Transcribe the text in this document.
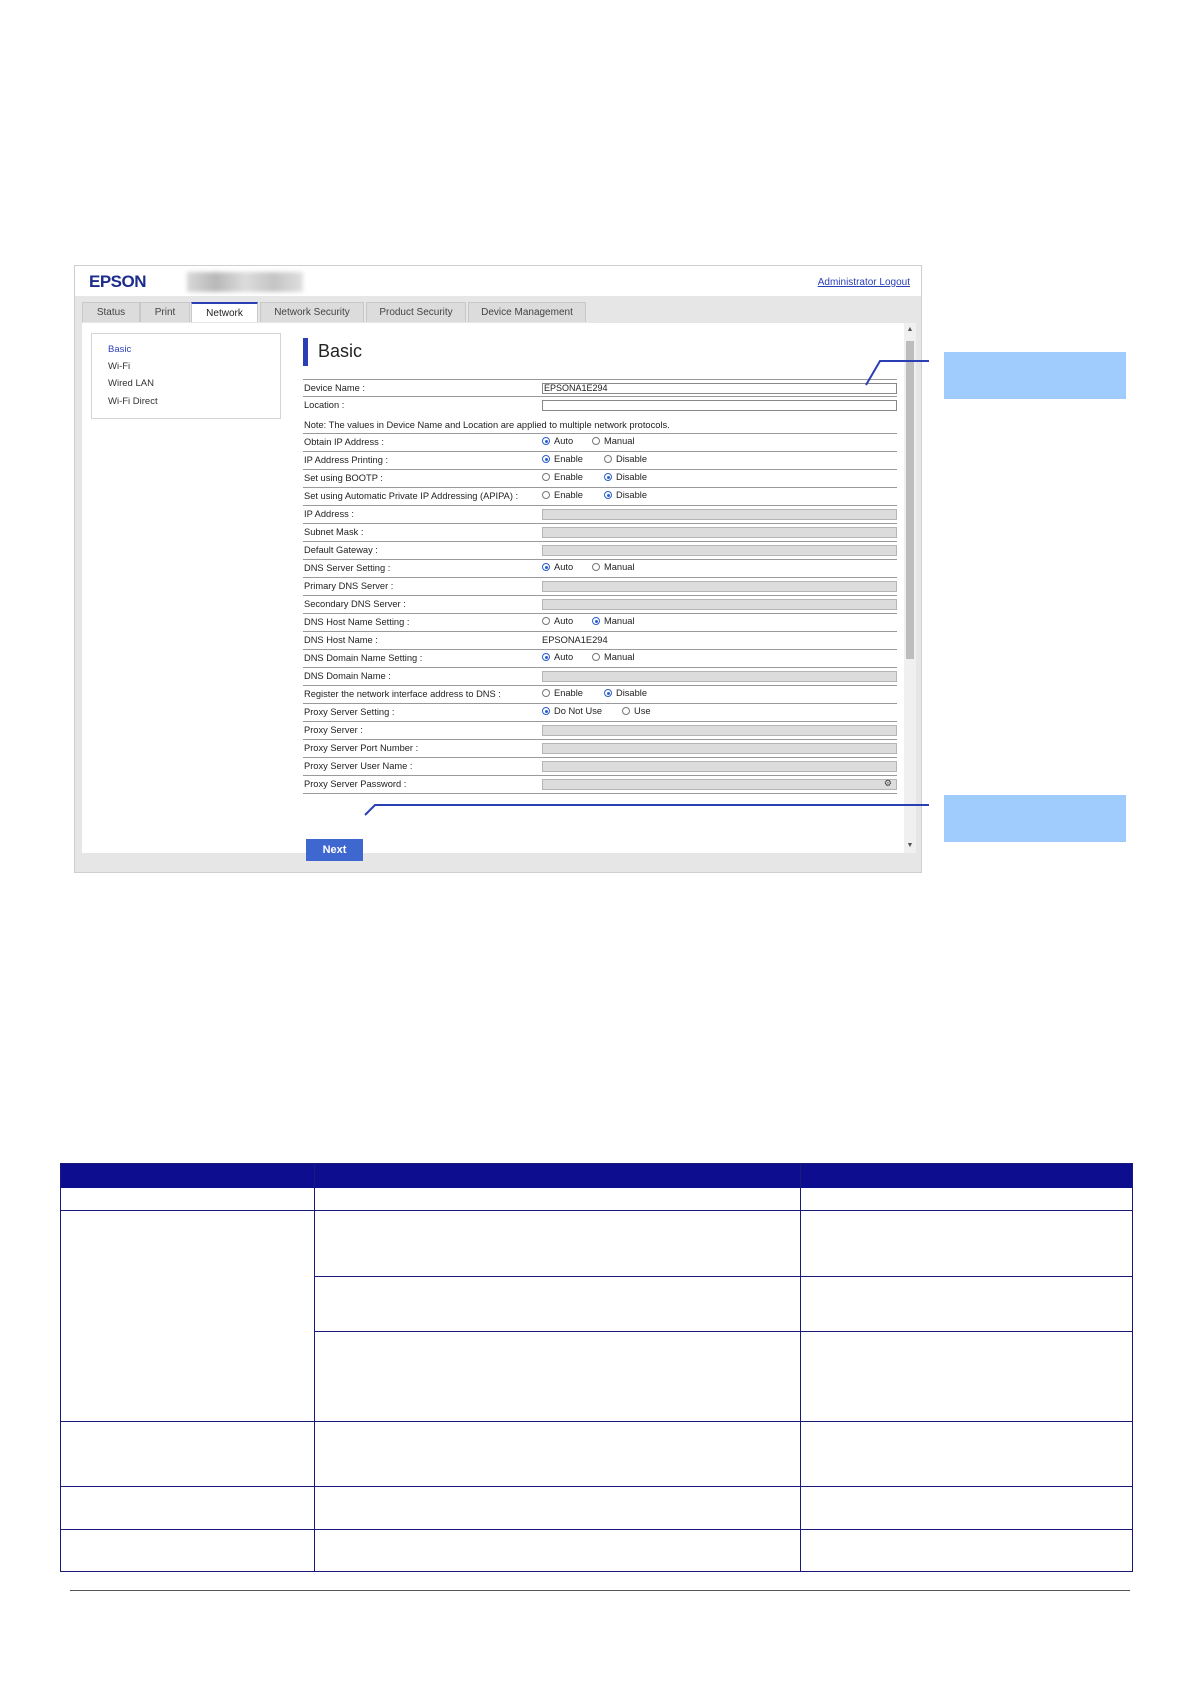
EPSON	Administrator Logout
Status	Print	Network	Network Security	Product Security	Device Management
Basic
Wi-Fi
Wired LAN
Wi-Fi Direct
Basic
Device Name :	EPSONA1E294
Location :
Note: The values in Device Name and Location are applied to multiple network protocols.
Obtain IP Address :	Auto	Manual
IP Address Printing :	Enable	Disable
Set using BOOTP :	Enable	Disable
Set using Automatic Private IP Addressing (APIPA) :	Enable	Disable
IP Address :
Subnet Mask :
Default Gateway :
DNS Server Setting :	Auto	Manual
Primary DNS Server :
Secondary DNS Server :
DNS Host Name Setting :	Auto	Manual
DNS Host Name :	EPSONA1E294
DNS Domain Name Setting :	Auto	Manual
DNS Domain Name :
Register the network interface address to DNS :	Enable	Disable
Proxy Server Setting :	Do Not Use	Use
Proxy Server :
Proxy Server Port Number :
Proxy Server User Name :
Proxy Server Password :	⚙

Next
▲
▼
